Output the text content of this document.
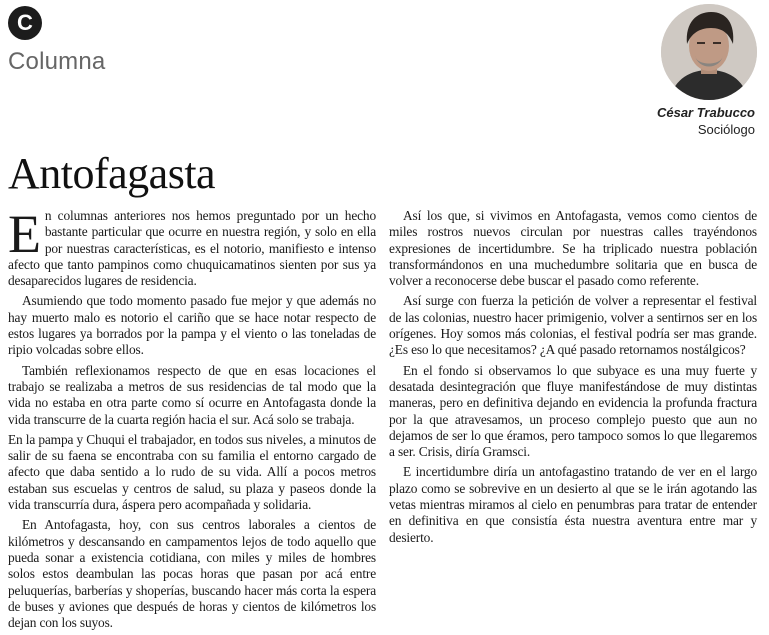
C
Columna
César Trabucco
Sociólogo
Antofagasta

En columnas anteriores nos hemos preguntado por un hecho bastante particular que ocurre en nuestra región, y solo en ella por nuestras características, es el notorio, manifiesto e intenso afecto que tanto pampinos como chuquicamatinos sienten por sus ya desaparecidos lugares de residencia.

Asumiendo que todo momento pasado fue mejor y que además no hay muerto malo es notorio el cariño que se hace notar respecto de estos lugares ya borrados por la pampa y el viento o las toneladas de ripio volcadas sobre ellos.

También reflexionamos respecto de que en esas locaciones el trabajo se realizaba a metros de sus residencias de tal modo que la vida no estaba en otra parte como sí ocurre en Antofagasta donde la vida transcurre de la cuarta región hacia el sur. Acá solo se trabaja.

En la pampa y Chuqui el trabajador, en todos sus niveles, a minutos de salir de su faena se encontraba con su familia el entorno cargado de afecto que daba sentido a lo rudo de su vida. Allí a pocos metros estaban sus escuelas y centros de salud, su plaza y paseos donde la vida transcurría dura, áspera pero acompañada y solidaria.

En Antofagasta, hoy, con sus centros laborales a cientos de kilómetros y descansando en campamentos lejos de todo aquello que pueda sonar a existencia cotidiana, con miles y miles de hombres solos estos deambulan las pocas horas que pasan por acá entre peluquerías, barberías y shoperías, buscando hacer más corta la espera de buses y aviones que después de horas y cientos de kilómetros los dejan con los suyos.

Así los que, si vivimos en Antofagasta, vemos como cientos de miles rostros nuevos circulan por nuestras calles trayéndonos expresiones de incertidumbre. Se ha triplicado nuestra población transformándonos en una muchedumbre solitaria que en busca de volver a reconocerse debe buscar el pasado como referente.

Así surge con fuerza la petición de volver a representar el festival de las colonias, nuestro hacer primigenio, volver a sentirnos ser en los orígenes. Hoy somos más colonias, el festival podría ser mas grande. ¿Es eso lo que necesitamos? ¿A qué pasado retornamos nostálgicos?

En el fondo si observamos lo que subyace es una muy fuerte y desatada desintegración que fluye manifestándose de muy distintas maneras, pero en definitiva dejando en evidencia la profunda fractura por la que atravesamos, un proceso complejo puesto que aun no dejamos de ser lo que éramos, pero tampoco somos lo que llegaremos a ser. Crisis, diría Gramsci.

E incertidumbre diría un antofagastino tratando de ver en el largo plazo como se sobrevive en un desierto al que se le irán agotando las vetas mientras miramos al cielo en penumbras para tratar de entender en definitiva en que consistía ésta nuestra aventura entre mar y desierto.
